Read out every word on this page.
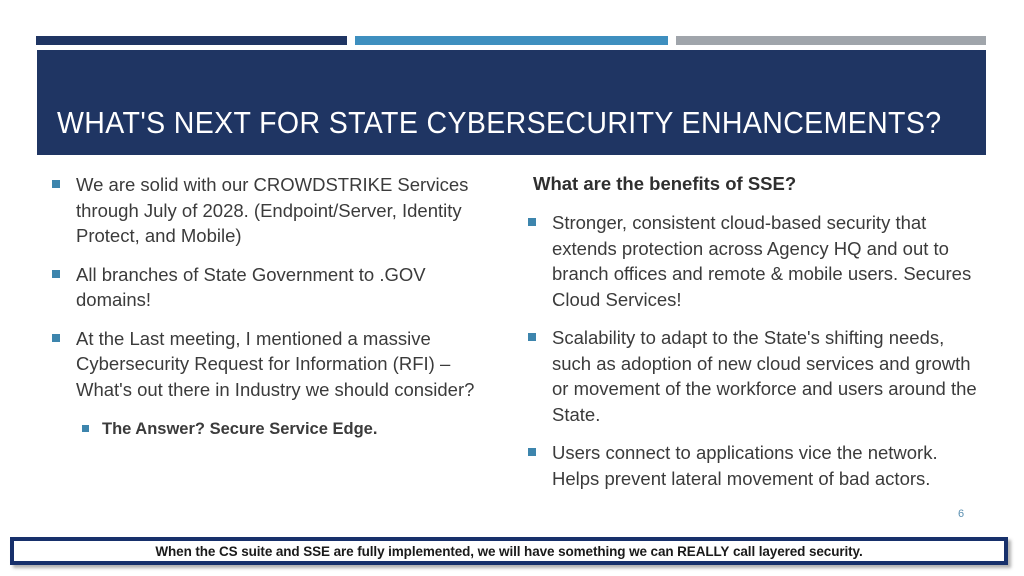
WHAT'S NEXT FOR STATE CYBERSECURITY ENHANCEMENTS?
We are solid with our CROWDSTRIKE Services through July of 2028. (Endpoint/Server, Identity Protect, and Mobile)
All branches of State Government to .GOV domains!
At the Last meeting, I mentioned a massive Cybersecurity Request for Information (RFI) – What's out there in Industry we should consider?
The Answer? Secure Service Edge.
What are the benefits of SSE?
Stronger, consistent cloud-based security that extends protection across Agency HQ and out to branch offices and remote & mobile users. Secures Cloud Services!
Scalability to adapt to the State's shifting needs, such as adoption of new cloud services and growth or movement of the workforce and users around the State.
Users connect to applications vice the network. Helps prevent lateral movement of bad actors.
6
When the CS suite and SSE are fully implemented, we will have something we can REALLY call layered security.
